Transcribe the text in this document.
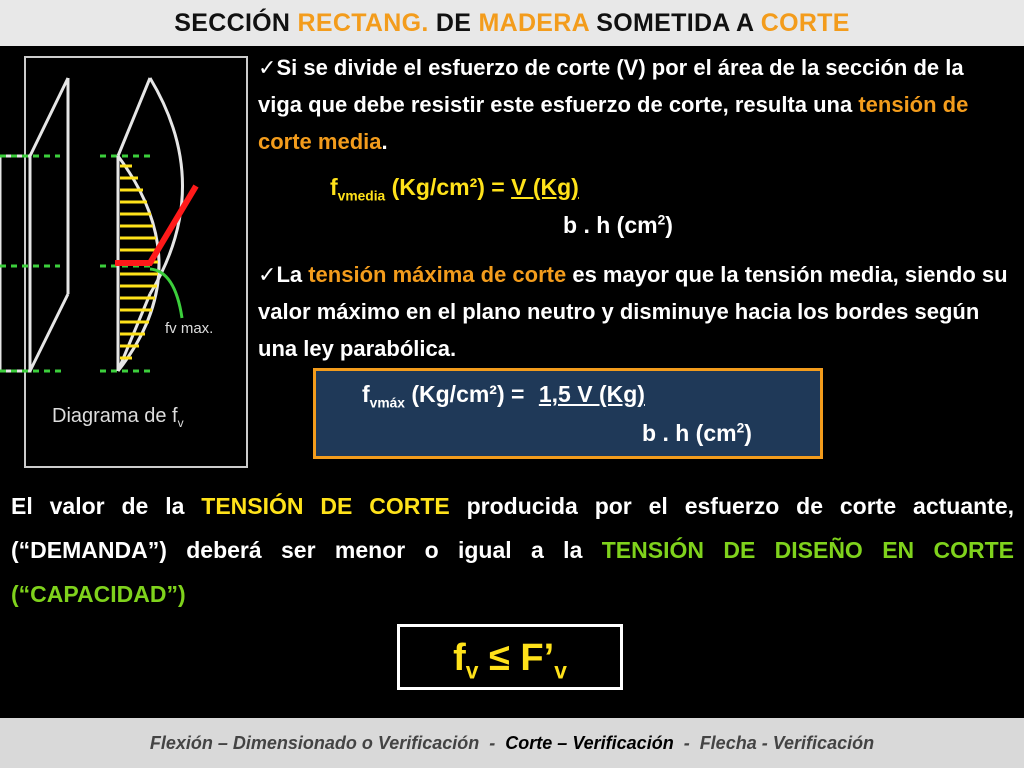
SECCIÓN RECTANG. DE MADERA SOMETIDA A CORTE
fv max.
Diagrama de $f_v$
✓Si se divide el esfuerzo de corte (V) por el área de la sección de la viga que debe resistir este esfuerzo de corte, resulta una tensión de corte media.
$f_{vmedia}$ (Kg/cm²) = V (Kg)
b . h $(cm^2)$
✓La tensión máxima de corte es mayor que la tensión media, siendo su valor máximo en el plano neutro y disminuye hacia los bordes según una ley parabólica.
$f_{vmáx}$ (Kg/cm²) = 1,5 V (Kg)
b . h $(cm^2)$
El valor de la TENSIÓN DE CORTE producida por el esfuerzo de corte actuante, (“DEMANDA”) deberá ser menor o igual a la TENSIÓN DE DISEÑO EN CORTE (“CAPACIDAD”)
$f_v$ ≤ $F’_v$
Flexión – Dimensionado o Verificación  -  Corte – Verificación  -  Flecha - Verificación
